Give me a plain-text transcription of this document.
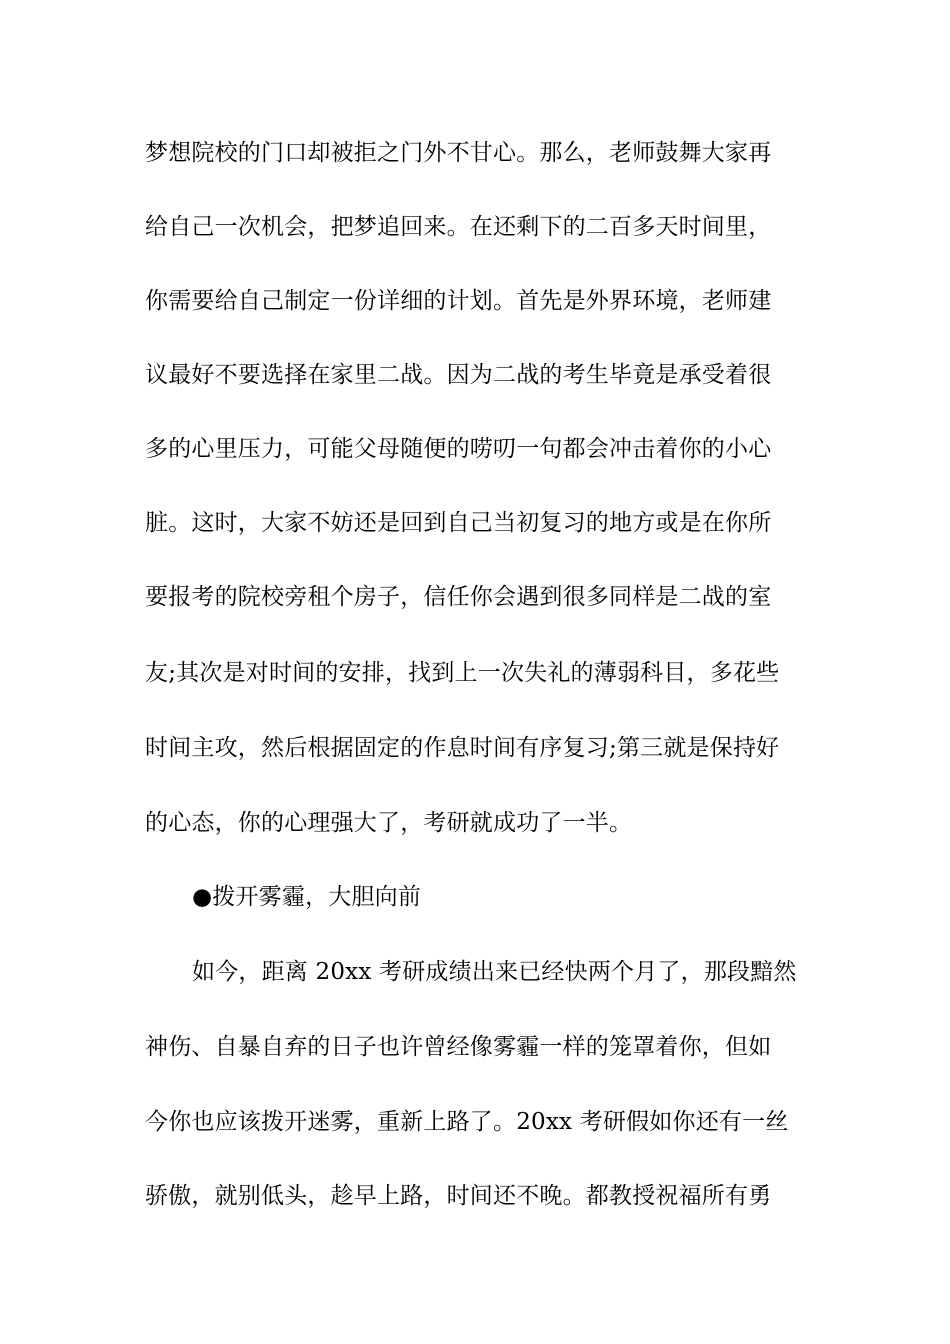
梦想院校的门口却被拒之门外不甘心。那么，老师鼓舞大家再
给自己一次机会，把梦追回来。在还剩下的二百多天时间里，
你需要给自己制定一份详细的计划。首先是外界环境，老师建
议最好不要选择在家里二战。因为二战的考生毕竟是承受着很
多的心里压力，可能父母随便的唠叨一句都会冲击着你的小心
脏。这时，大家不妨还是回到自己当初复习的地方或是在你所
要报考的院校旁租个房子，信任你会遇到很多同样是二战的室
友;其次是对时间的安排，找到上一次失礼的薄弱科目，多花些
时间主攻，然后根据固定的作息时间有序复习;第三就是保持好
的心态，你的心理强大了，考研就成功了一半。
●拨开雾霾，大胆向前
如今，距离 20xx 考研成绩出来已经快两个月了，那段黯然
神伤、自暴自弃的日子也许曾经像雾霾一样的笼罩着你，但如
今你也应该拨开迷雾，重新上路了。20xx 考研假如你还有一丝
骄傲，就别低头，趁早上路，时间还不晚。都教授祝福所有勇
